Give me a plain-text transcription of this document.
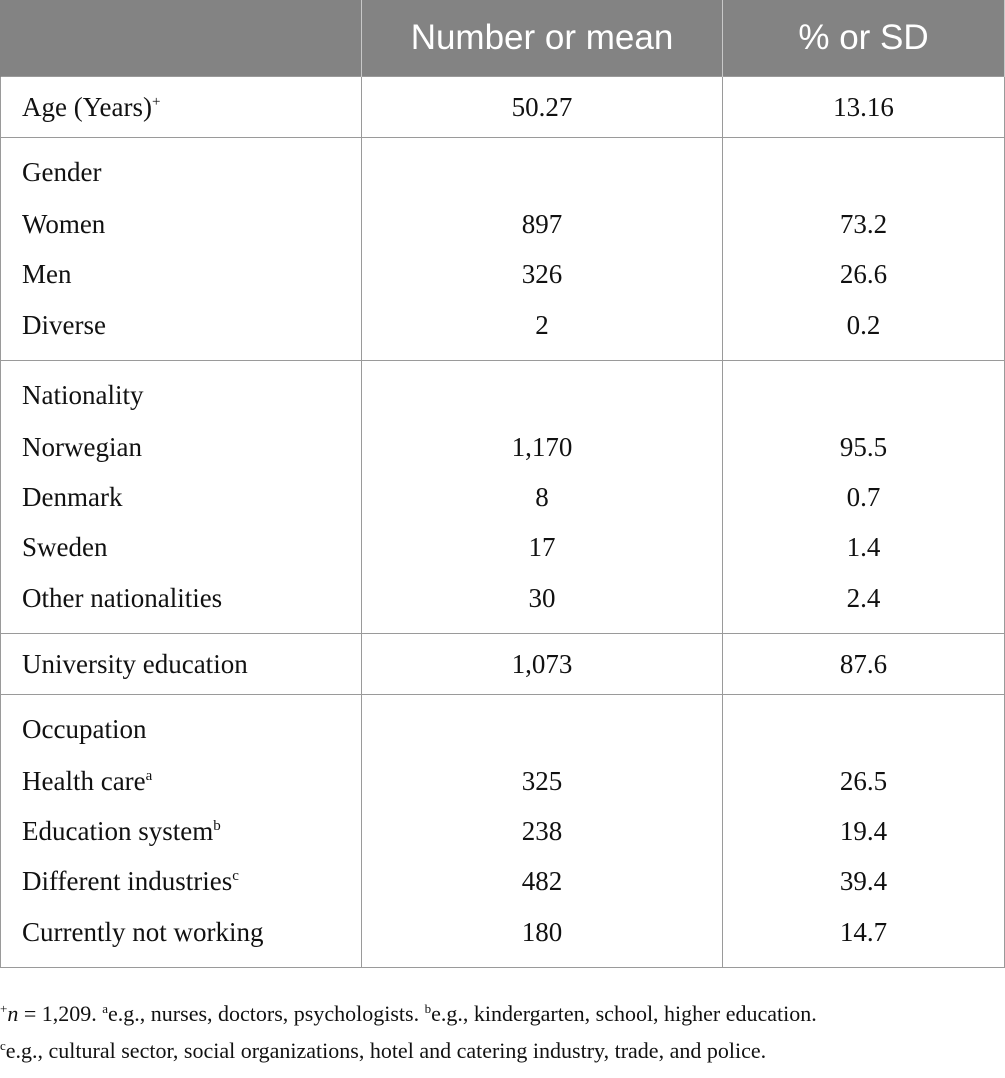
	Number or mean	% or SD
Age (Years)+	50.27	13.16
Gender		
Women	897	73.2
Men	326	26.6
Diverse	2	0.2
Nationality		
Norwegian	1,170	95.5
Denmark	8	0.7
Sweden	17	1.4
Other nationalities	30	2.4
University education	1,073	87.6
Occupation		
Health care$^a$	325	26.5
Education system$^b$	238	19.4
Different industries$^c$	482	39.4
Currently not working	180	14.7

+n = 1,209. $^a$e.g., nurses, doctors, psychologists. $^b$e.g., kindergarten, school, higher education.

$^c$e.g., cultural sector, social organizations, hotel and catering industry, trade, and police.
